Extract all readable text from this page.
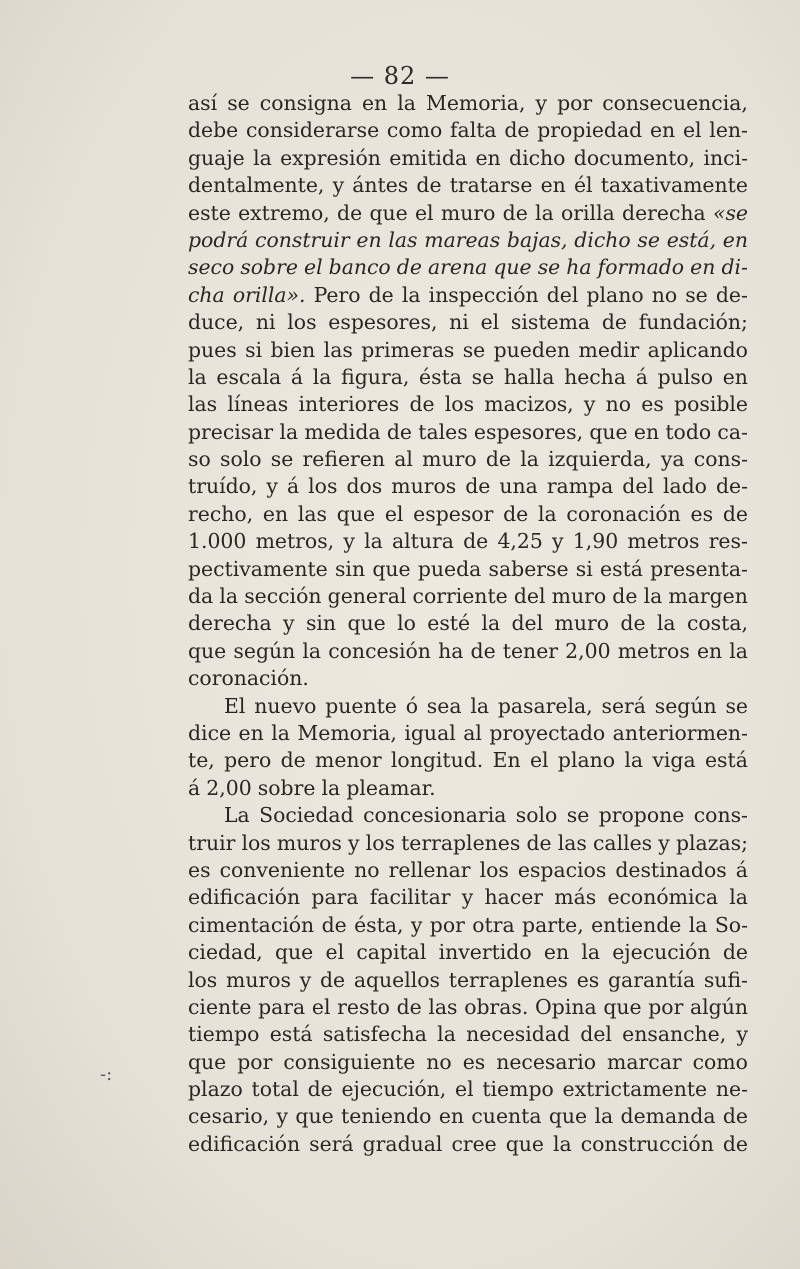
— 82 —
-:
así se consigna en la Memoria, y por consecuencia,
debe considerarse como falta de propiedad en el len-
guaje la expresión emitida en dicho documento, inci-
dentalmente, y ántes de tratarse en él taxativamente
este extremo, de que el muro de la orilla derecha «se
podrá construir en las mareas bajas, dicho se está, en
seco sobre el banco de arena que se ha formado en di-
cha orilla». Pero de la inspección del plano no se de-
duce, ni los espesores, ni el sistema de fundación;
pues si bien las primeras se pueden medir aplicando
la escala á la figura, ésta se halla hecha á pulso en
las líneas interiores de los macizos, y no es posible
precisar la medida de tales espesores, que en todo ca-
so solo se refieren al muro de la izquierda, ya cons-
truído, y á los dos muros de una rampa del lado de-
recho, en las que el espesor de la coronación es de
1.000 metros, y la altura de 4,25 y 1,90 metros res-
pectivamente sin que pueda saberse si está presenta-
da la sección general corriente del muro de la margen
derecha y sin que lo esté la del muro de la costa,
que según la concesión ha de tener 2,00 metros en la
coronación.
El nuevo puente ó sea la pasarela, será según se
dice en la Memoria, igual al proyectado anteriormen-
te, pero de menor longitud. En el plano la viga está
á 2,00 sobre la pleamar.
La Sociedad concesionaria solo se propone cons-
truir los muros y los terraplenes de las calles y plazas;
es conveniente no rellenar los espacios destinados á
edificación para facilitar y hacer más económica la
cimentación de ésta, y por otra parte, entiende la So-
ciedad, que el capital invertido en la ejecución de
los muros y de aquellos terraplenes es garantía sufi-
ciente para el resto de las obras. Opina que por algún
tiempo está satisfecha la necesidad del ensanche, y
que por consiguiente no es necesario marcar como
plazo total de ejecución, el tiempo extrictamente ne-
cesario, y que teniendo en cuenta que la demanda de
edificación será gradual cree que la construcción de
